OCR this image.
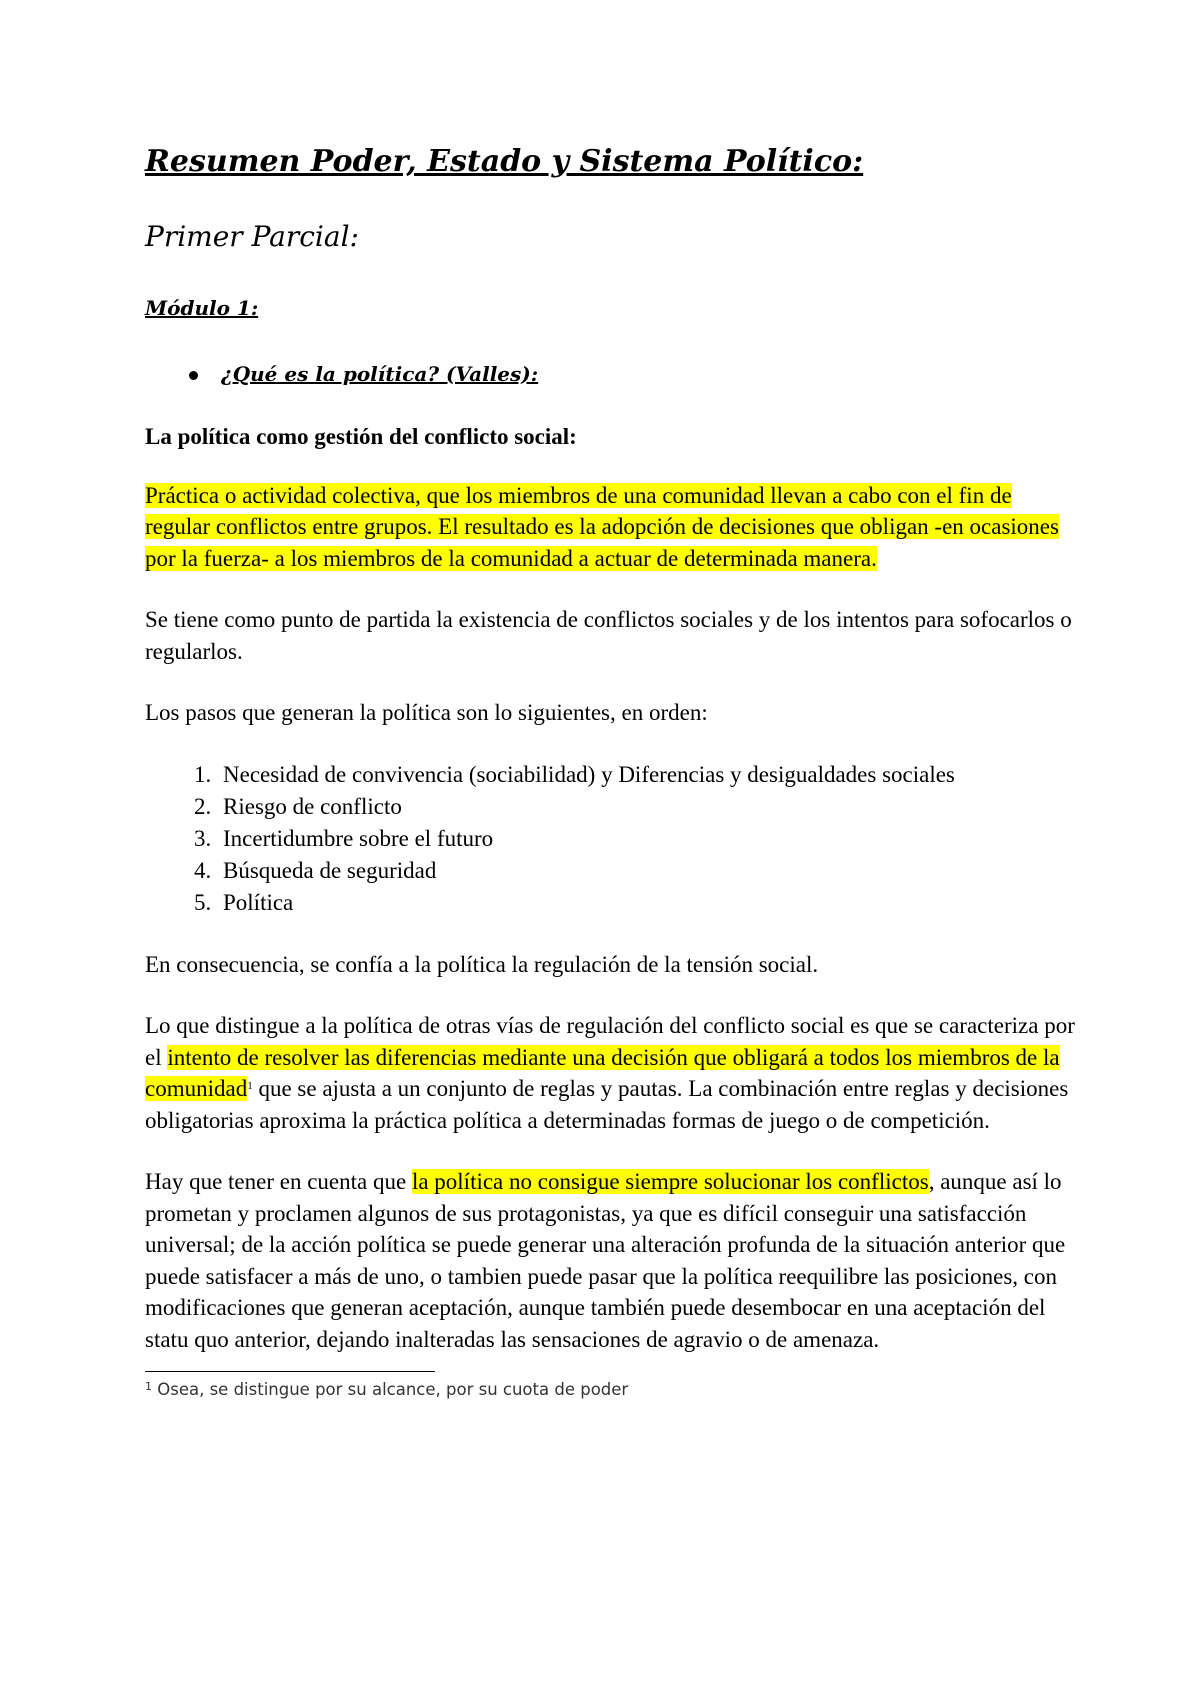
Resumen Poder, Estado y Sistema Político:
Primer Parcial:
Módulo 1:
¿Qué es la política? (Valles):
La política como gestión del conflicto social:

Práctica o actividad colectiva, que los miembros de una comunidad llevan a cabo con el fin de regular conflictos entre grupos. El resultado es la adopción de decisiones que obligan -en ocasiones por la fuerza- a los miembros de la comunidad a actuar de determinada manera.

Se tiene como punto de partida la existencia de conflictos sociales y de los intentos para sofocarlos o regularlos.

Los pasos que generan la política son lo siguientes, en orden:

1. Necesidad de convivencia (sociabilidad) y Diferencias y desigualdades sociales
2. Riesgo de conflicto
3. Incertidumbre sobre el futuro
4. Búsqueda de seguridad
5. Política

En consecuencia, se confía a la política la regulación de la tensión social.

Lo que distingue a la política de otras vías de regulación del conflicto social es que se caracteriza por el intento de resolver las diferencias mediante una decisión que obligará a todos los miembros de la comunidad$^1$ que se ajusta a un conjunto de reglas y pautas. La combinación entre reglas y decisiones obligatorias aproxima la práctica política a determinadas formas de juego o de competición.

Hay que tener en cuenta que la política no consigue siempre solucionar los conflictos, aunque así lo prometan y proclamen algunos de sus protagonistas, ya que es difícil conseguir una satisfacción universal; de la acción política se puede generar una alteración profunda de la situación anterior que puede satisfacer a más de uno, o tambien puede pasar que la política reequilibre las posiciones, con modificaciones que generan aceptación, aunque también puede desembocar en una aceptación del statu quo anterior, dejando inalteradas las sensaciones de agravio o de amenaza.

$^1$ Osea, se distingue por su alcance, por su cuota de poder
